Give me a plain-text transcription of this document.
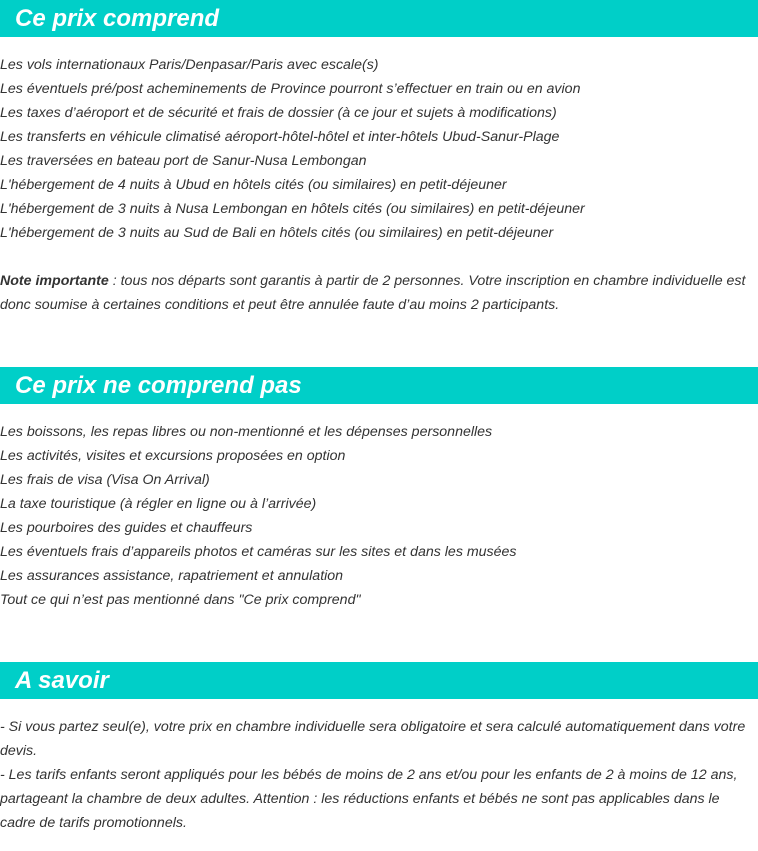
Ce prix comprend
Les vols internationaux Paris/Denpasar/Paris avec escale(s)
Les éventuels pré/post acheminements de Province pourront s’effectuer en train ou en avion
Les taxes d’aéroport et de sécurité et frais de dossier (à ce jour et sujets à modifications)
Les transferts en véhicule climatisé aéroport-hôtel-hôtel et inter-hôtels Ubud-Sanur-Plage
Les traversées en bateau port de Sanur-Nusa Lembongan
L'hébergement de 4 nuits à Ubud en hôtels cités (ou similaires) en petit-déjeuner
L'hébergement de 3 nuits à Nusa Lembongan en hôtels cités (ou similaires) en petit-déjeuner
L'hébergement de 3 nuits au Sud de Bali en hôtels cités (ou similaires) en petit-déjeuner

Note importante : tous nos départs sont garantis à partir de 2 personnes. Votre inscription en chambre individuelle est donc soumise à certaines conditions et peut être annulée faute d’au moins 2 participants.

Ce prix ne comprend pas
Les boissons, les repas libres ou non-mentionné et les dépenses personnelles
Les activités, visites et excursions proposées en option
Les frais de visa (Visa On Arrival)
La taxe touristique (à régler en ligne ou à l’arrivée)
Les pourboires des guides et chauffeurs
Les éventuels frais d’appareils photos et caméras sur les sites et dans les musées
Les assurances assistance, rapatriement et annulation
Tout ce qui n’est pas mentionné dans "Ce prix comprend"
A savoir

- Si vous partez seul(e), votre prix en chambre individuelle sera obligatoire et sera calculé automatiquement dans votre devis.

- Les tarifs enfants seront appliqués pour les bébés de moins de 2 ans et/ou pour les enfants de 2 à moins de 12 ans, partageant la chambre de deux adultes. Attention : les réductions enfants et bébés ne sont pas applicables dans le cadre de tarifs promotionnels.
